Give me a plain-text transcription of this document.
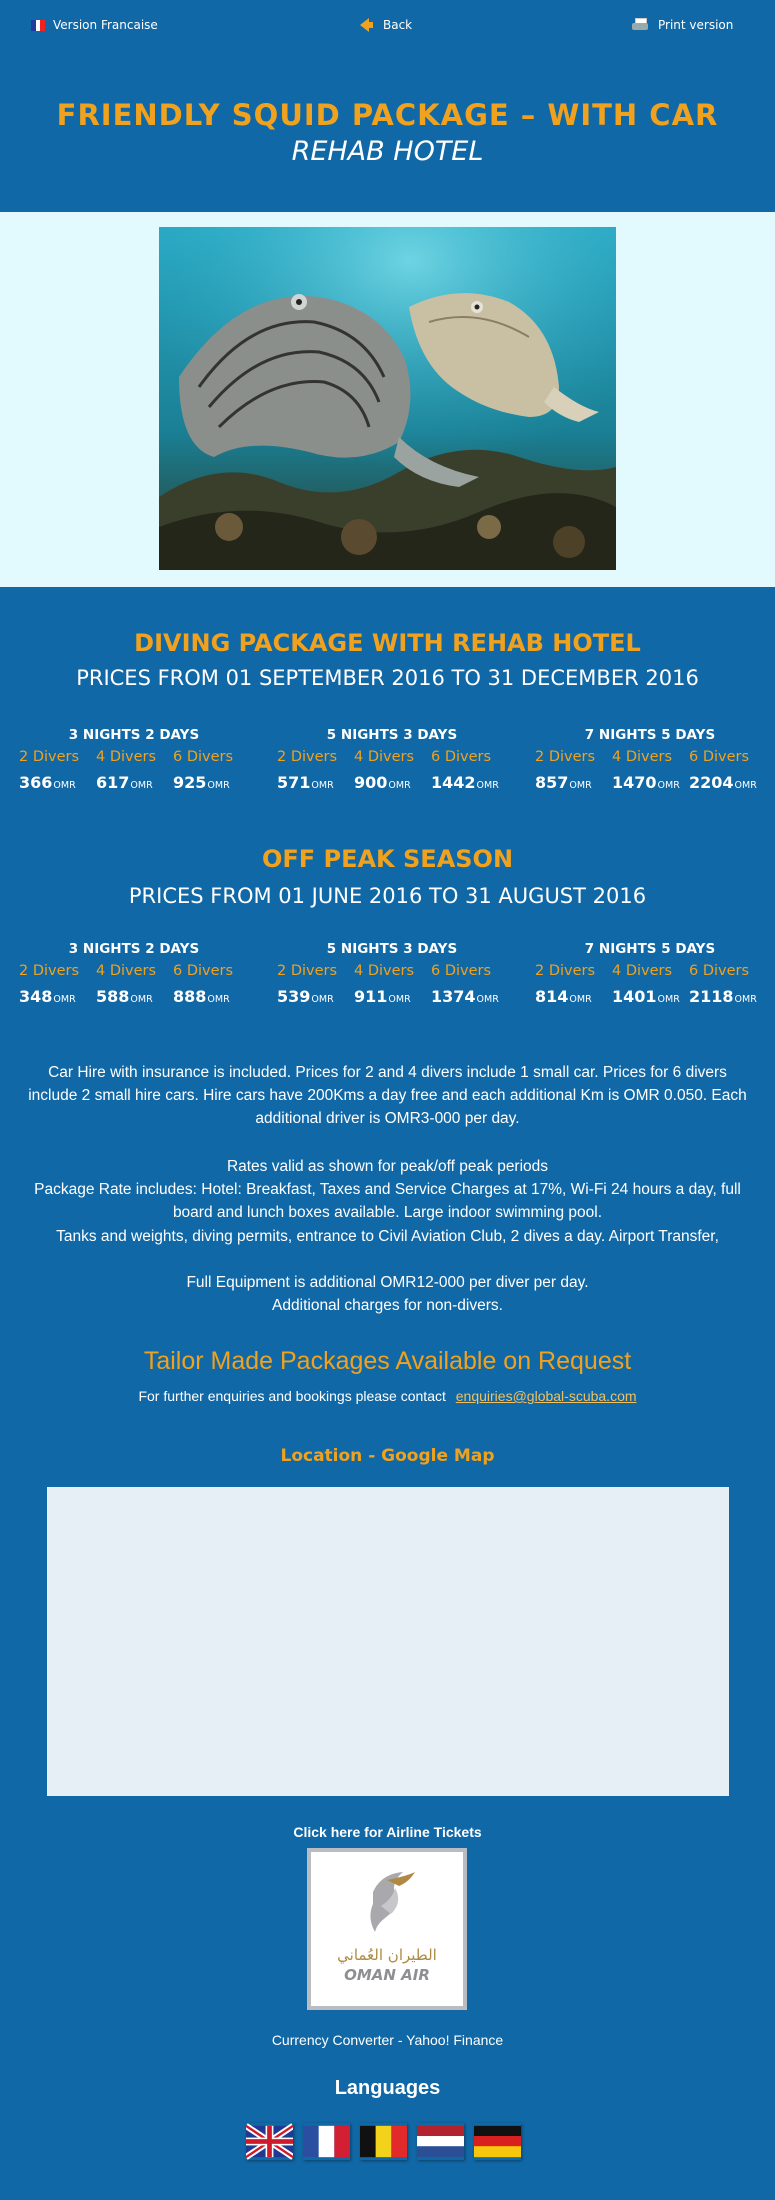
Version Francaise	Back	Print version
FRIENDLY SQUID PACKAGE – WITH CAR
REHAB HOTEL
DIVING PACKAGE WITH REHAB HOTEL
PRICES FROM 01 SEPTEMBER 2016 TO 31 DECEMBER 2016
3 NIGHTS 2 DAYS
2 Divers	4 Divers	6 Divers
366OMR	617OMR	925OMR
5 NIGHTS 3 DAYS
2 Divers	4 Divers	6 Divers
571OMR	900OMR	1442OMR
7 NIGHTS 5 DAYS
2 Divers	4 Divers	6 Divers
857OMR	1470OMR 2204OMR
OFF PEAK SEASON
PRICES FROM 01 JUNE 2016 TO 31 AUGUST 2016
3 NIGHTS 2 DAYS
2 Divers	4 Divers	6 Divers
348OMR	588OMR	888OMR
5 NIGHTS 3 DAYS
2 Divers	4 Divers	6 Divers
539OMR	911OMR	1374OMR
7 NIGHTS 5 DAYS
2 Divers	4 Divers	6 Divers
814OMR	1401OMR 2118OMR
Car Hire with insurance is included. Prices for 2 and 4 divers include 1 small car. Prices for 6 divers include 2 small hire cars. Hire cars have 200Kms a day free and each additional Km is OMR 0.050. Each additional driver is OMR3-000 per day.
Rates valid as shown for peak/off peak periods
Package Rate includes: Hotel: Breakfast, Taxes and Service Charges at 17%, Wi-Fi 24 hours a day, full board and lunch boxes available. Large indoor swimming pool.
Tanks and weights, diving permits, entrance to Civil Aviation Club, 2 dives a day. Airport Transfer,
Full Equipment is additional OMR12-000 per diver per day.
Additional charges for non-divers.
Tailor Made Packages Available on Request
For further enquiries and bookings please contact enquiries@global-scuba.com
Location - Google Map
Click here for Airline Tickets
الطيران العُماني
OMAN AIR
Currency Converter - Yahoo! Finance
Languages
